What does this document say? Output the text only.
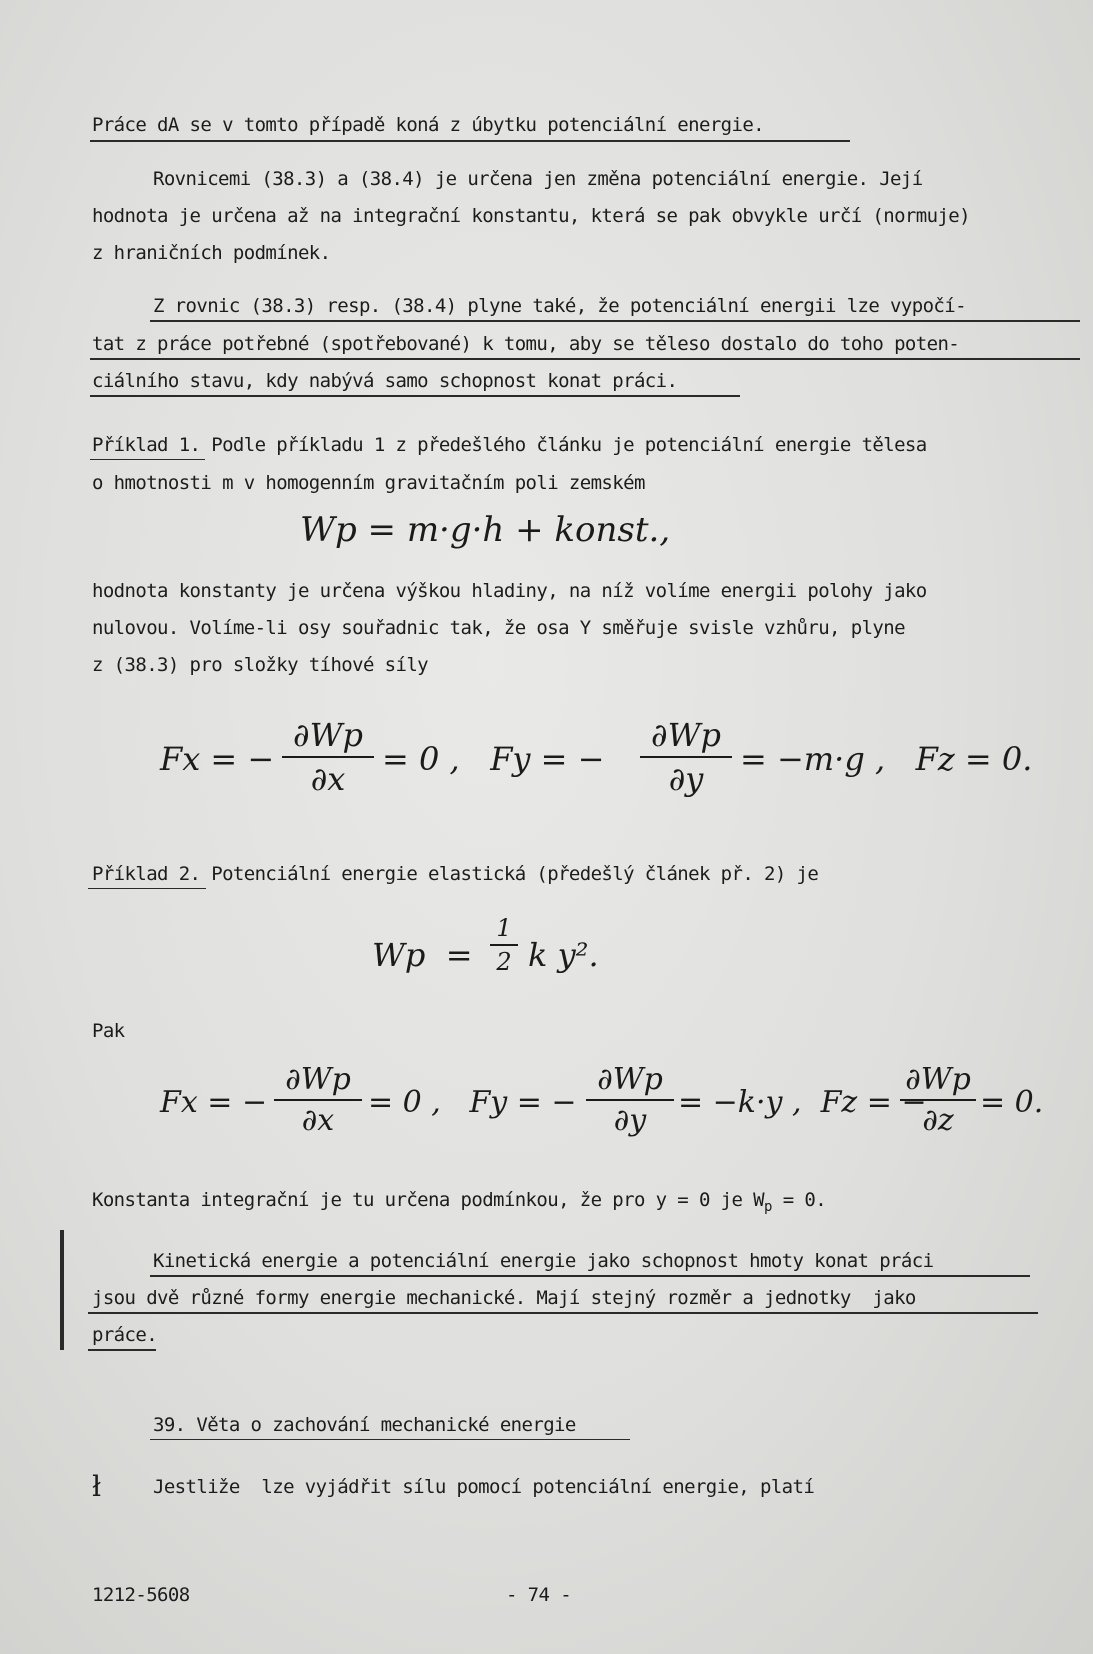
Práce dA se v tomto případě koná z úbytku potenciální energie.
Rovnicemi (38.3) a (38.4) je určena jen změna potenciální energie. Její
hodnota je určena až na integrační konstantu, která se pak obvykle určí (normuje)
z hraničních podmínek.
Z rovnic (38.3) resp. (38.4) plyne také, že potenciální energii lze vypočí-
tat z práce potřebné (spotřebované) k tomu, aby se těleso dostalo do toho poten-
ciálního stavu, kdy nabývá samo schopnost konat práci.
Příklad 1. Podle příkladu 1 z předešlého článku je potenciální energie tělesa
o hmotnosti m v homogenním gravitačním poli zemském
Wp = m·g·h + konst.,
hodnota konstanty je určena výškou hladiny, na níž volíme energii polohy jako
nulovou. Volíme-li osy souřadnic tak, že osa Y směřuje svisle vzhůru, plyne
z (38.3) pro složky tíhové síly
Fx = −
∂Wp
∂x
= 0 ,   Fy = −
∂Wp
∂y
= −m·g ,   Fz = 0.
Příklad 2. Potenciální energie elastická (předešlý článek př. 2) je
Wp  =
1
2 k y².
Pak
Fx = −
∂Wp
∂x
= 0 ,   Fy = −
∂Wp
∂y
= −k·y ,  Fz = −
∂Wp
∂z
= 0.
Konstanta integrační je tu určena podmínkou, že pro y = 0 je $W_p = 0$.
Kinetická energie a potenciální energie jako schopnost hmoty konat práci
jsou dvě různé formy energie mechanické. Mají stejný rozměr a jednotky  jako
práce.
39. Věta o zachování mechanické energie
Jestliže  lze vyjádřit sílu pomocí potenciální energie, platí
ł
1212-5608	- 74 -
